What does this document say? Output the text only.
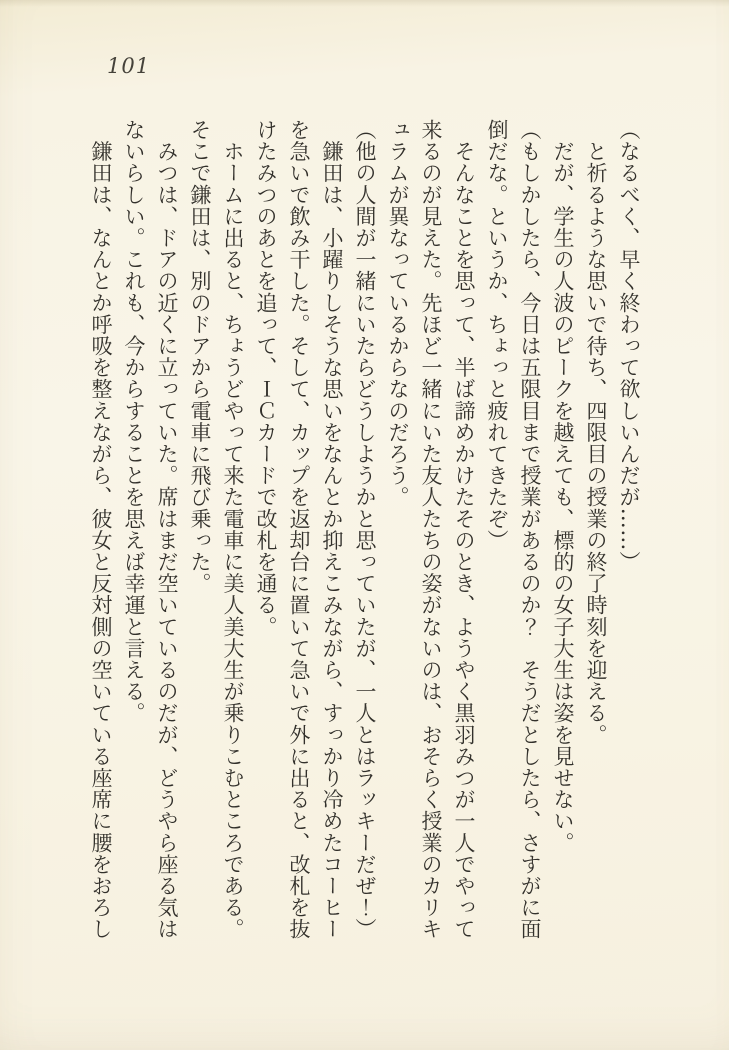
101
（なるべく、早く終わって欲しいんだが……）
　と祈るような思いで待ち、四限目の授業の終了時刻を迎える。
　だが、学生の人波のピークを越えても、標的の女子大生は姿を見せない。
（もしかしたら、今日は五限目まで授業があるのか？　そうだとしたら、さすがに面
倒だな。というか、ちょっと疲れてきたぞ）
　そんなことを思って、半ば諦めかけたそのとき、ようやく黒羽みつが一人でやって
来るのが見えた。先ほど一緒にいた友人たちの姿がないのは、おそらく授業のカリキ
ュラムが異なっているからなのだろう。
（他の人間が一緒にいたらどうしようかと思っていたが、一人とはラッキーだぜ！）
　鎌田は、小躍りしそうな思いをなんとか抑えこみながら、すっかり冷めたコーヒー
を急いで飲み干した。そして、カップを返却台に置いて急いで外に出ると、改札を抜
けたみつのあとを追って、ＩＣカードで改札を通る。
　ホームに出ると、ちょうどやって来た電車に美人美大生が乗りこむところである。
そこで鎌田は、別のドアから電車に飛び乗った。
　みつは、ドアの近くに立っていた。席はまだ空いているのだが、どうやら座る気は
ないらしい。これも、今からすることを思えば幸運と言える。
　鎌田は、なんとか呼吸を整えながら、彼女と反対側の空いている座席に腰をおろし
